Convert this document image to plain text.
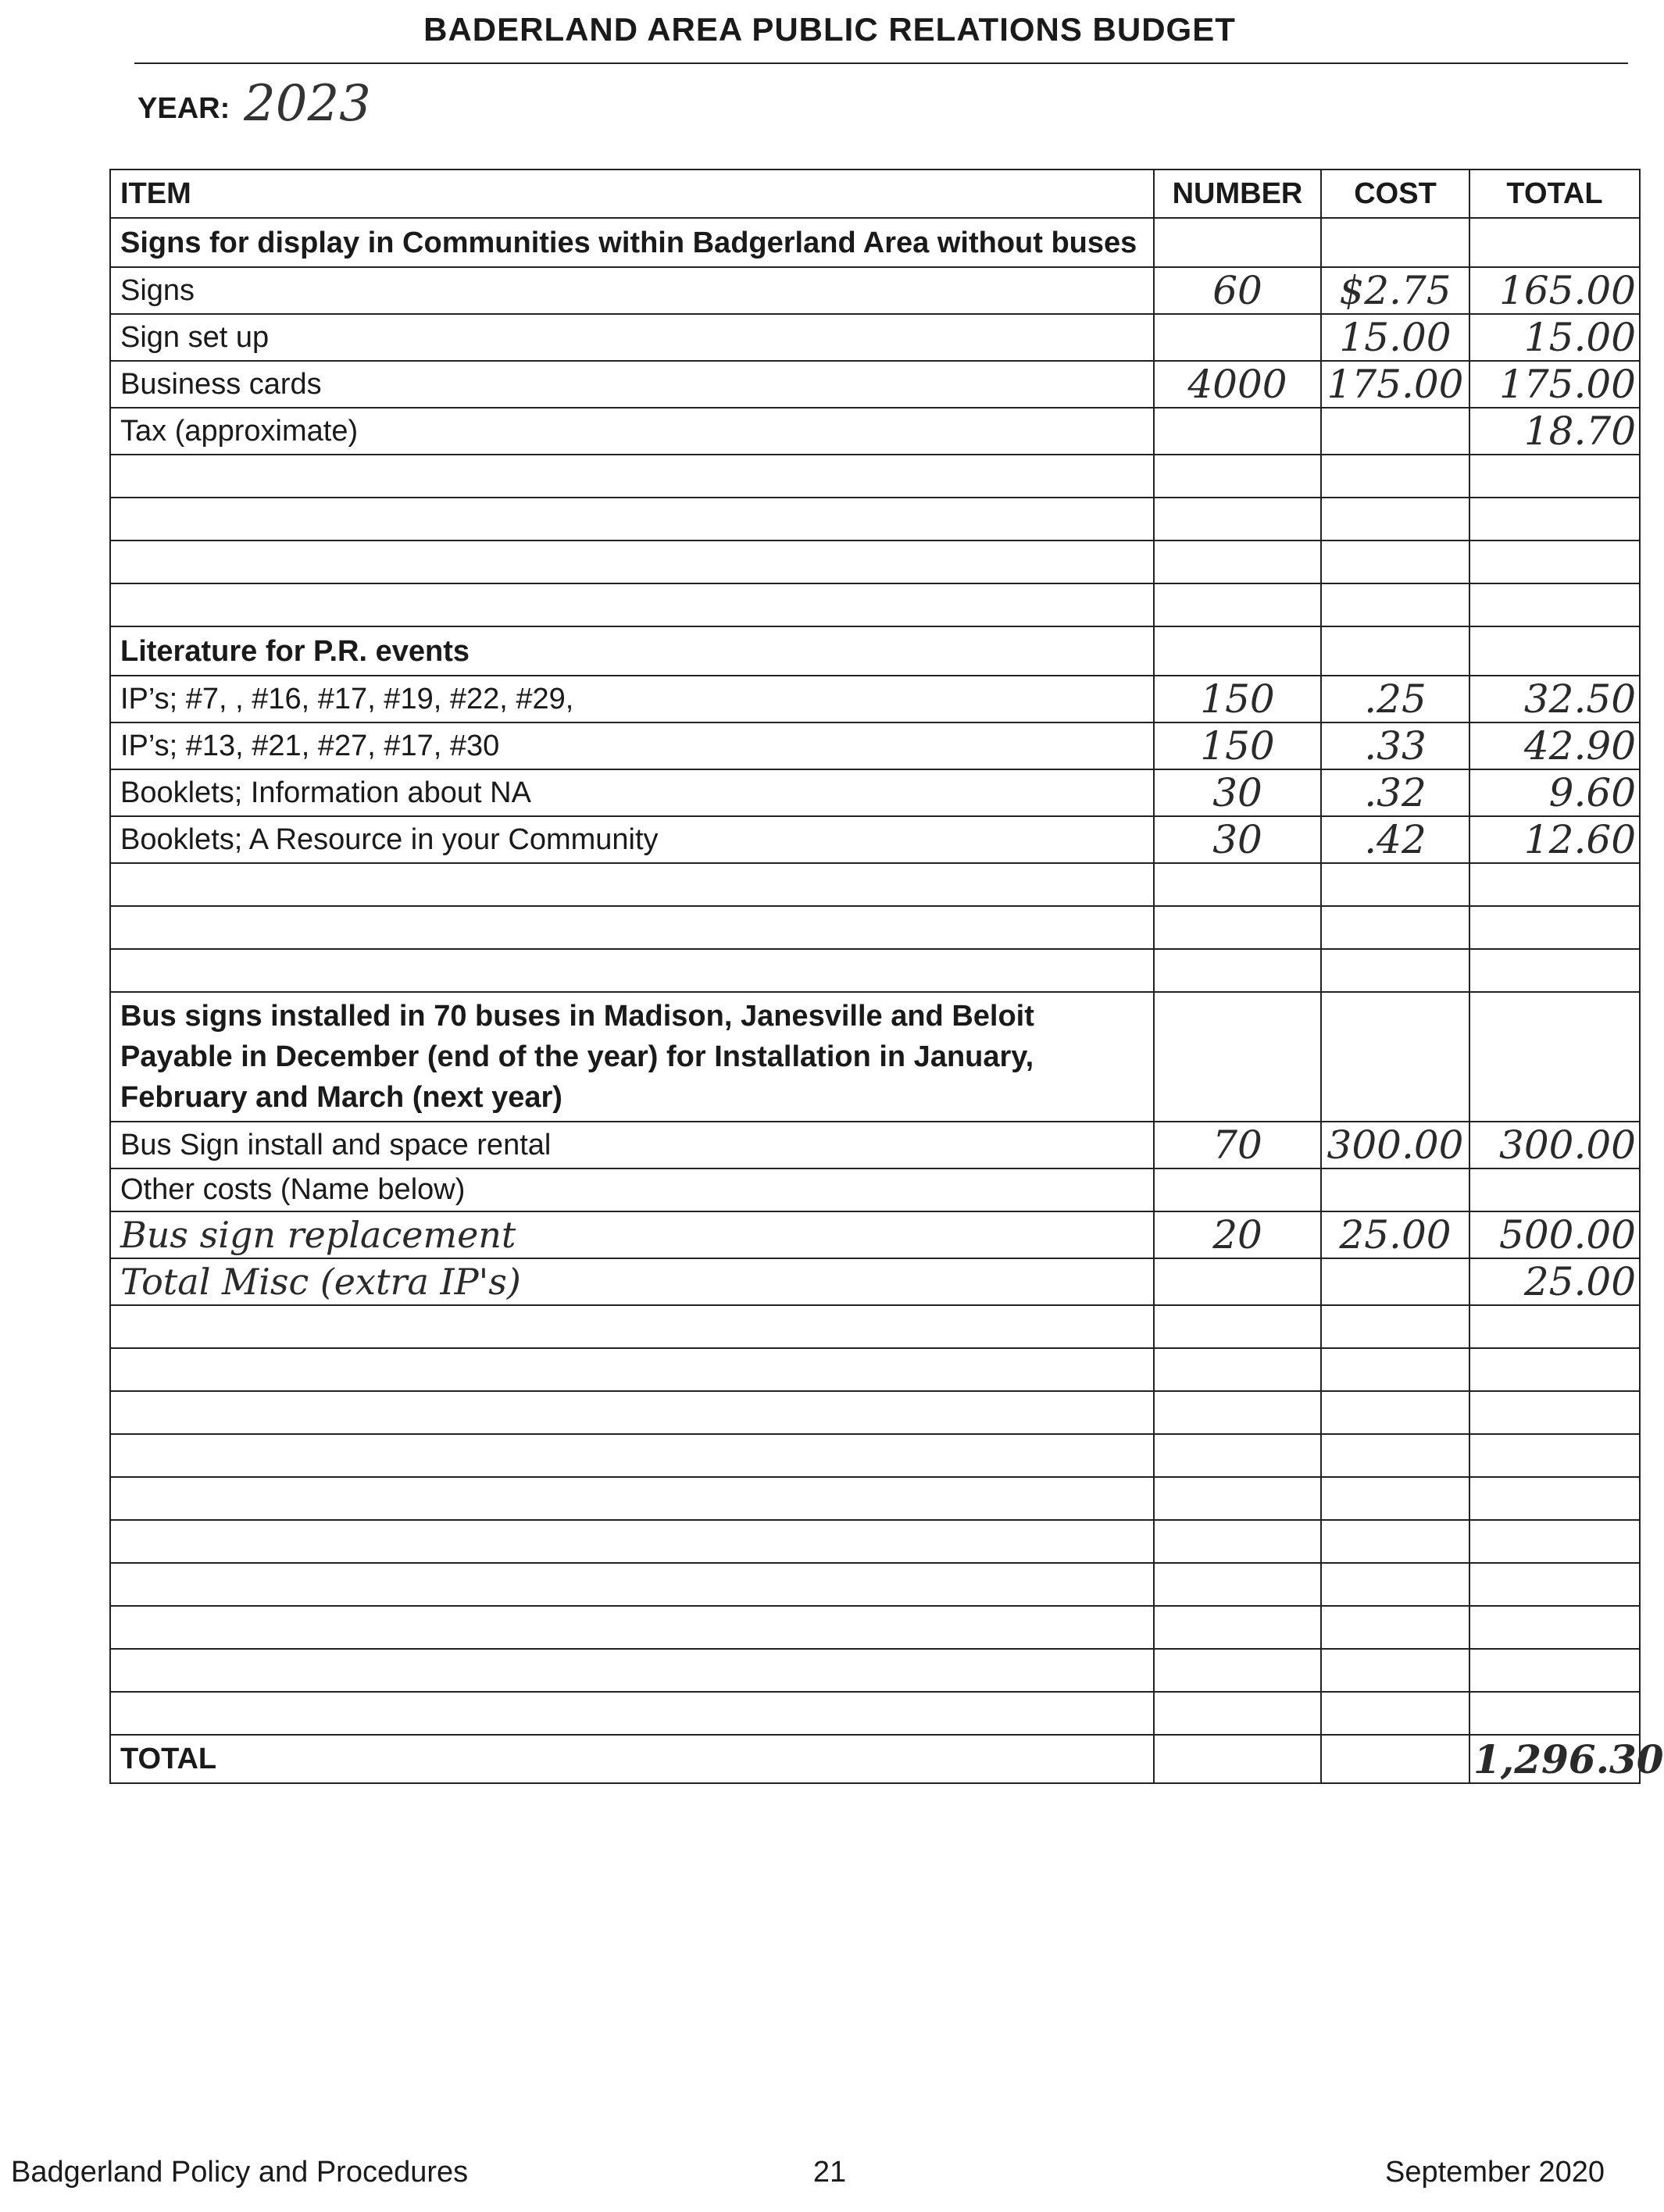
BADERLAND AREA PUBLIC RELATIONS BUDGET
YEAR: 2023
ITEM	NUMBER	COST	TOTAL
Signs for display in Communities within Badgerland Area without buses			
Signs	60	$2.75	165.00
Sign set up		15.00	15.00
Business cards	4000	175.00	175.00
Tax (approximate)			18.70

Literature for P.R. events			
IP’s; #7, , #16, #17, #19, #22, #29,	150	.25	32.50
IP’s; #13, #21, #27, #17, #30	150	.33	42.90
Booklets; Information about NA	30	.32	9.60
Booklets; A Resource in your Community	30	.42	12.60

Bus signs installed in 70 buses in Madison, Janesville and Beloit Payable in December (end of the year) for Installation in January, February and March (next year)			
Bus Sign install and space rental	70	300.00	300.00
Other costs (Name below)			
Bus sign replacement	20	25.00	500.00
Total Misc (extra IP's)			25.00

TOTAL			1,296.30
Badgerland Policy and Procedures	21	September 2020
